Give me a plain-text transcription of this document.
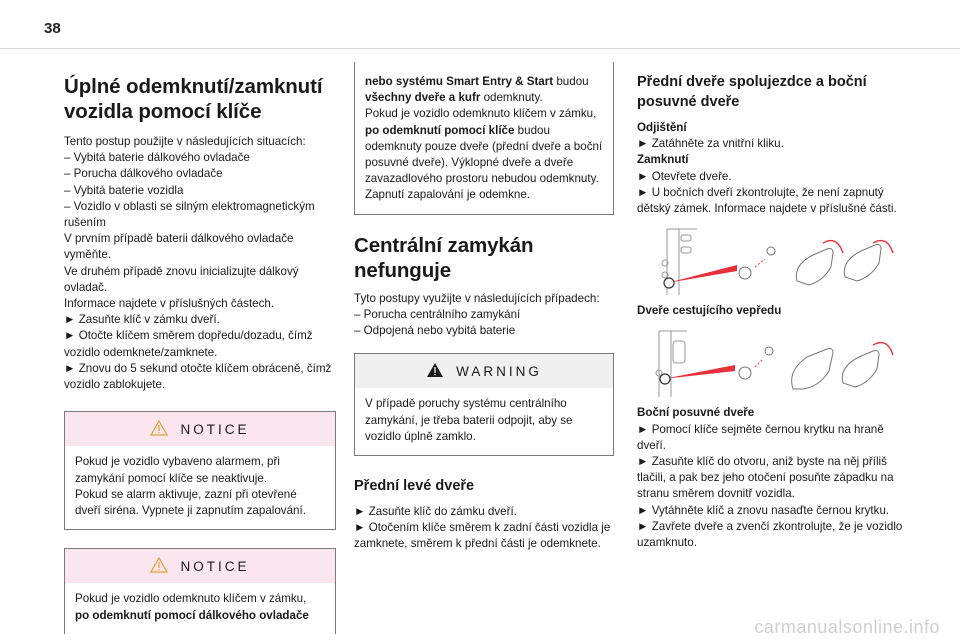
38
Úplné odemknutí/zamknutí vozidla pomocí klíče
Tento postup použijte v následujících situacích:
– Vybitá baterie dálkového ovladače
– Porucha dálkového ovladače
– Vybitá baterie vozidla
– Vozidlo v oblasti se silným elektromagnetickým rušením
V prvním případě baterii dálkového ovladače vyměňte.
Ve druhém případě znovu inicializujte dálkový ovladač.
Informace najdete v příslušných částech.
► Zasuňte klíč v zámku dveří.
► Otočte klíčem směrem dopředu/dozadu, čímž vozidlo odemknete/zamknete.
► Znovu do 5 sekund otočte klíčem obráceně, čímž vozidlo zablokujete.
NOTICE
Pokud je vozidlo vybaveno alarmem, při zamykání pomocí klíče se neaktivuje.
Pokud se alarm aktivuje, zazní při otevřené dveří siréna. Vypnete ji zapnutím zapalování.
NOTICE
Pokud je vozidlo odemknuto klíčem v zámku,
po odemknutí pomocí dálkového ovladače
nebo systému Smart Entry & Start budou všechny dveře a kufr odemknuty.
Pokud je vozidlo odemknuto klíčem v zámku,
po odemknutí pomocí klíče budou odemknuty pouze dveře (přední dveře a boční posuvné dveře). Výklopné dveře a dveře zavazadlového prostoru nebudou odemknuty. Zapnutí zapalování je odemkne.
Centrální zamykán nefunguje
Tyto postupy využijte v následujících případech:
– Porucha centrálního zamykání
– Odpojená nebo vybitá baterie
WARNING
V případě poruchy systému centrálního zamykání, je třeba baterii odpojit, aby se vozidlo úplně zamklo.
Přední levé dveře
► Zasuňte klíč do zámku dveří.
► Otočením klíče směrem k zadní části vozidla je zamknete, směrem k přední části je odemknete.
Přední dveře spolujezdce a boční posuvné dveře
Odjištění
► Zatáhněte za vnitřní kliku.
Zamknutí
► Otevřete dveře.
► U bočních dveří zkontrolujte, že není zapnutý dětský zámek. Informace najdete v příslušné části.
Dveře cestujícího vepředu
Boční posuvné dveře
► Pomocí klíče sejměte černou krytku na hraně dveří.
► Zasuňte klíč do otvoru, aniž byste na něj příliš tlačili, a pak bez jeho otočení posuňte západku na stranu směrem dovnitř vozidla.
► Vytáhněte klíč a znovu nasaďte černou krytku.
► Zavřete dveře a zvenčí zkontrolujte, že je vozidlo uzamknuto.
carmanualsonline.info
